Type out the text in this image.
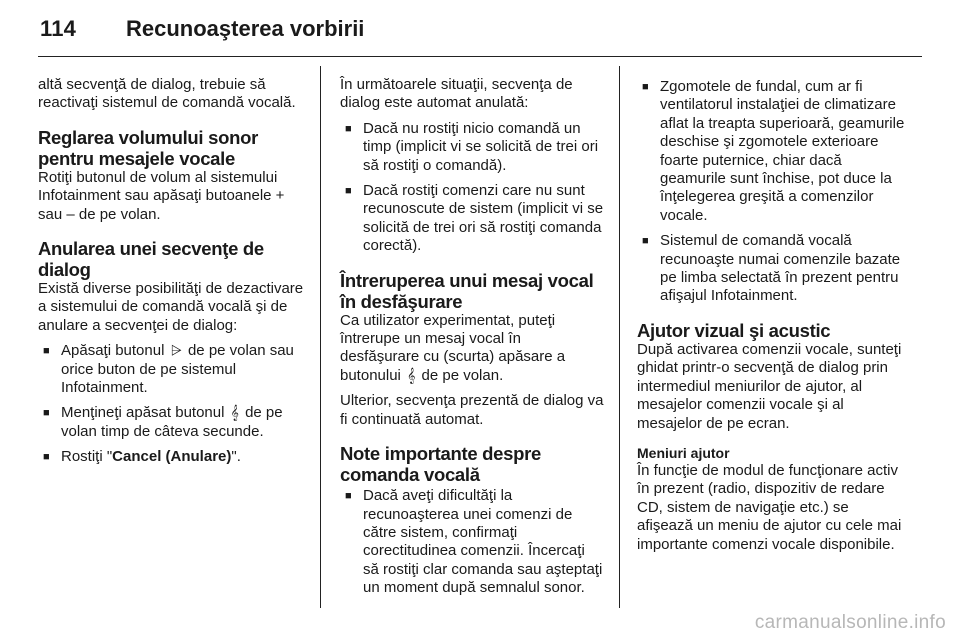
114 Recunoaşterea vorbirii

altă secvenţă de dialog, trebuie să reactivaţi sistemul de comandă vocală.

Reglarea volumului sonor pentru mesajele vocale

Rotiţi butonul de volum al sistemului Infotainment sau apăsaţi butoanele + sau – de pe volan.

Anularea unei secvenţe de dialog

Există diverse posibilităţi de dezactivare a sistemului de comandă vocală şi de anulare a secvenţei de dialog:

■ Apăsaţi butonul ⩥ de pe volan sau orice buton de pe sistemul Infotainment.
■ Menţineţi apăsat butonul 𝄞 de pe volan timp de câteva secunde.
■ Rostiţi "Cancel (Anulare)".

În următoarele situaţii, secvenţa de dialog este automat anulată:

■ Dacă nu rostiţi nicio comandă un timp (implicit vi se solicită de trei ori să rostiţi o comandă).
■ Dacă rostiţi comenzi care nu sunt recunoscute de sistem (implicit vi se solicită de trei ori să rostiţi comanda corectă).
Întreruperea unui mesaj vocal în desfăşurare

Ca utilizator experimentat, puteţi întrerupe un mesaj vocal în desfăşurare cu (scurta) apăsare a butonului 𝄞 de pe volan.

Ulterior, secvenţa prezentă de dialog va fi continuată automat.

Note importante despre comanda vocală
■ Dacă aveţi dificultăţi la recunoaşterea unei comenzi de către sistem, confirmaţi corectitudinea comenzii. Încercaţi să rostiţi clar comanda sau aşteptaţi un moment după semnalul sonor.
■ Zgomotele de fundal, cum ar fi ventilatorul instalaţiei de climatizare aflat la treapta superioară, geamurile deschise şi zgomotele exterioare foarte puternice, chiar dacă geamurile sunt închise, pot duce la înţelegerea greşită a comenzilor vocale.
■ Sistemul de comandă vocală recunoaşte numai comenzile bazate pe limba selectată în prezent pentru afişajul Infotainment.
Ajutor vizual şi acustic

După activarea comenzii vocale, sunteţi ghidat printr-o secvenţă de dialog prin intermediul meniurilor de ajutor, al mesajelor comenzii vocale şi al mesajelor de pe ecran.

Meniuri ajutor

În funcţie de modul de funcţionare activ în prezent (radio, dispozitiv de redare CD, sistem de navigaţie etc.) se afişează un meniu de ajutor cu cele mai importante comenzi vocale disponibile.

carmanualsonline.info
